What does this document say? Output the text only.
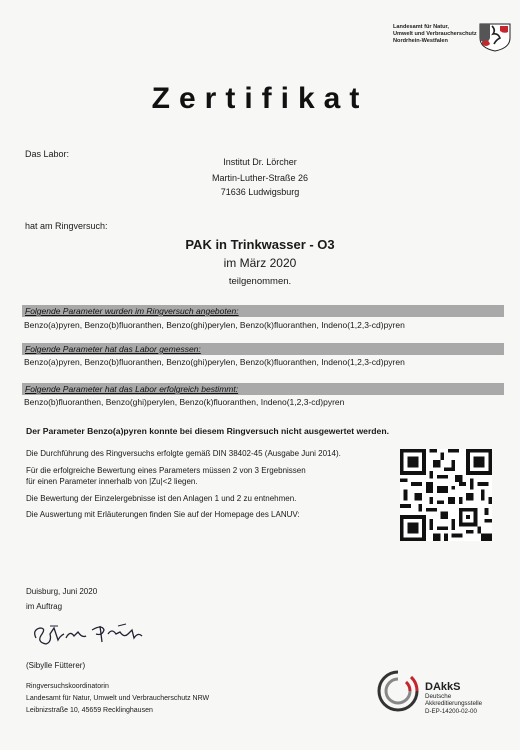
Landesamt für Natur,
Umwelt und Verbraucherschutz
Nordrhein-Westfalen
Zertifikat
Das Labor:
Institut Dr. Lörcher
Martin-Luther-Straße 26
71636 Ludwigsburg
hat am Ringversuch:
PAK in Trinkwasser - O3
im März 2020
teilgenommen.
Folgende Parameter wurden im Ringversuch angeboten:
Benzo(a)pyren, Benzo(b)fluoranthen, Benzo(ghi)perylen, Benzo(k)fluoranthen, Indeno(1,2,3-cd)pyren
Folgende Parameter hat das Labor gemessen:
Benzo(a)pyren, Benzo(b)fluoranthen, Benzo(ghi)perylen, Benzo(k)fluoranthen, Indeno(1,2,3-cd)pyren
Folgende Parameter hat das Labor erfolgreich bestimmt:
Benzo(b)fluoranthen, Benzo(ghi)perylen, Benzo(k)fluoranthen, Indeno(1,2,3-cd)pyren
Der Parameter Benzo(a)pyren konnte bei diesem Ringversuch nicht ausgewertet werden.
Die Durchführung des Ringversuchs erfolgte gemäß DIN 38402-45 (Ausgabe Juni 2014).
Für die erfolgreiche Bewertung eines Parameters müssen 2 von 3 Ergebnissen
für einen Parameter innerhalb von |Zu|<2 liegen.
Die Bewertung der Einzelergebnisse ist den Anlagen 1 und 2 zu entnehmen.
Die Auswertung mit Erläuterungen finden Sie auf der Homepage des LANUV:
Duisburg, Juni 2020
im Auftrag
(Sibylle Fütterer)
Ringversuchskoordinatorin
Landesamt für Natur, Umwelt und Verbraucherschutz NRW
Leibnizstraße 10, 45659 Recklinghausen
DAkkS
Deutsche
Akkreditierungsstelle
D-EP-14200-02-00
